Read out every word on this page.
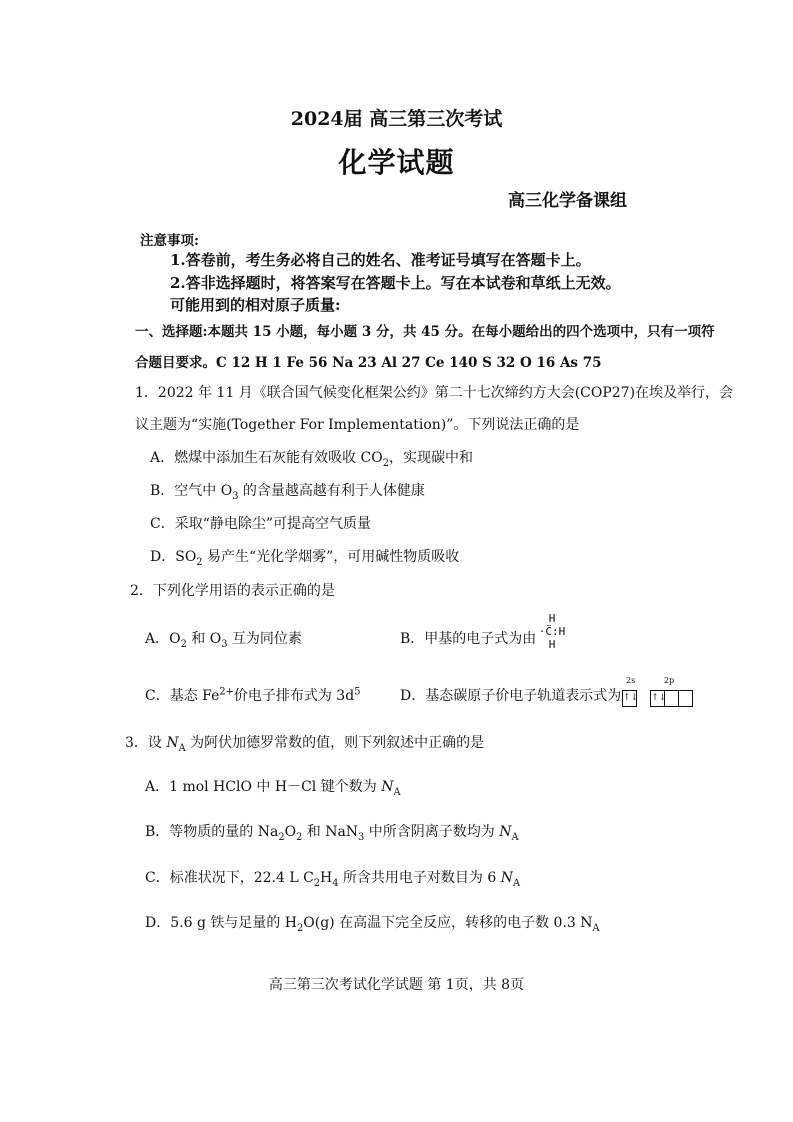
2024届 高三第三次考试
化学试题
高三化学备课组
注意事项:
1.答卷前，考生务必将自己的姓名、准考证号填写在答题卡上。
2.答非选择题时，将答案写在答题卡上。写在本试卷和草纸上无效。
可能用到的相对原子质量:
一、选择题:本题共 15 小题，每小题 3 分，共 45 分。在每小题给出的四个选项中，只有一项符
合题目要求。C 12 H 1 Fe 56 Na 23 Al 27 Ce 140 S 32 O 16 As 75
1．2022 年 11 月《联合国气候变化框架公约》第二十七次缔约方大会(COP27)在埃及举行，会
议主题为“实施(Together For Implementation)”。下列说法正确的是
A．燃煤中添加生石灰能有效吸收 $CO_2$，实现碳中和
B．空气中 $O_3$ 的含量越高越有利于人体健康
C．采取“静电除尘”可提高空气质量
D．$SO_2$ 易产生“光化学烟雾”，可用碱性物质吸收
2．下列化学用语的表示正确的是
A．$O_2$ 和 $O_3$ 互为同位素	B．甲基的电子式为由
H
·C̈:H
H
C．基态 $Fe^{2+}$价电子排布式为 $3d^5$	D．基态碳原子价电子轨道表示式为
2s	2p
↑↓ ↑↓
3．设 $N_A$ 为阿伏加德罗常数的值，则下列叙述中正确的是
A．1 mol HClO 中 H－Cl 键个数为 $N_A$
B．等物质的量的 $Na_2O_2$ 和 NaN$_3$ 中所含阴离子数均为 $N_A$
C．标准状况下，22.4 L $C_2H_4$ 所含共用电子对数目为 6 $N_A$
D．5.6 g 铁与足量的 $H_2O(g)$ 在高温下完全反应，转移的电子数 0.3 $N_A$
高三第三次考试化学试题 第 1页，共 8页
